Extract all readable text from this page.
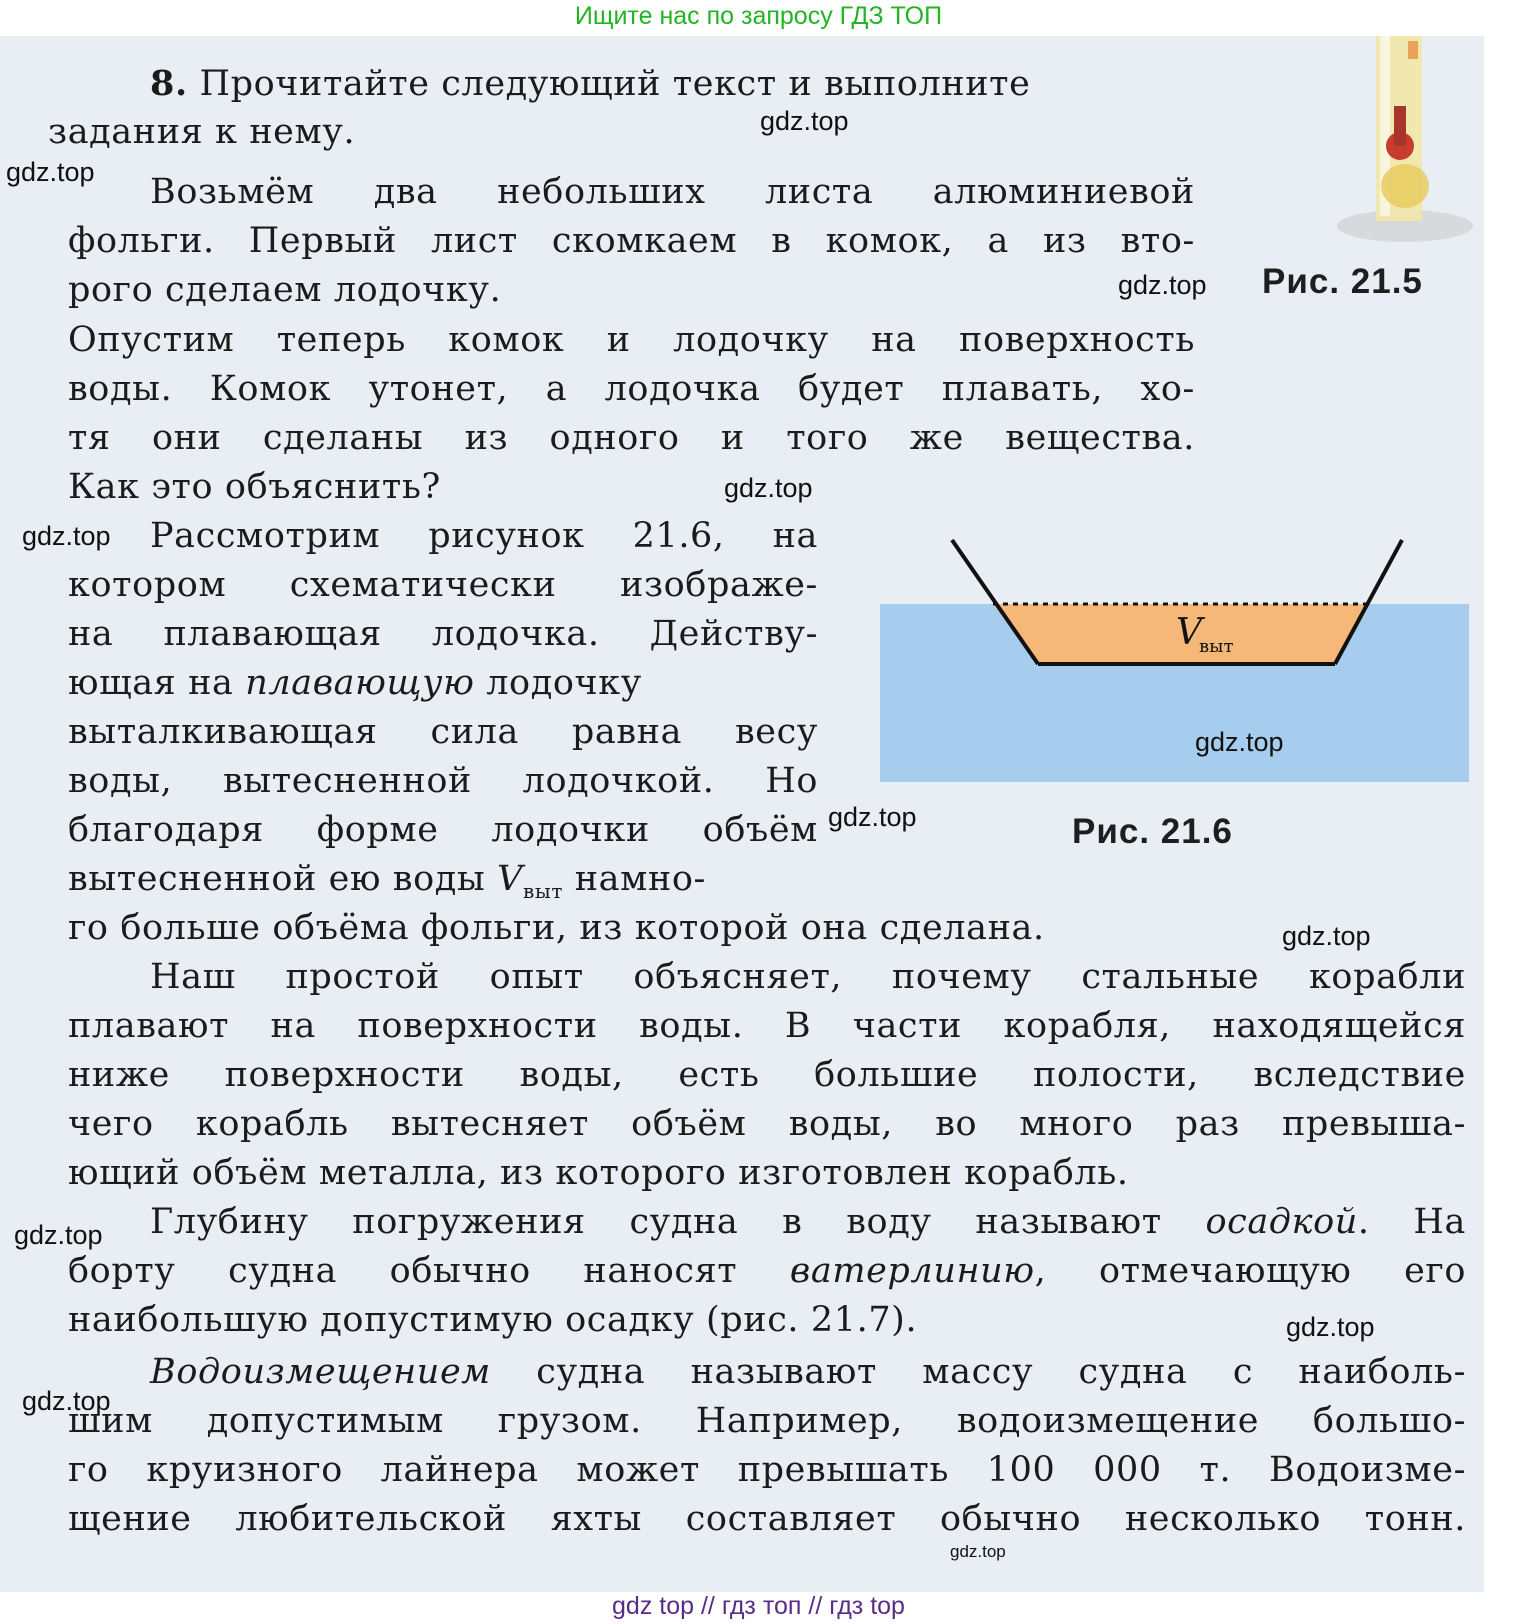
Ищите нас по запросу ГДЗ ТОП
Рис. 21.5
V
выт
Рис. 21.6
8. Прочитайте следующий текст и выполните
задания к нему.
Возьмём два небольших листа алюминиевой
фольги. Первый лист скомкаем в комок, а из вто-
рого сделаем лодочку.
Опустим теперь комок и лодочку на поверхность
воды. Комок утонет, а лодочка будет плавать, хо-
тя они сделаны из одного и того же вещества.
Как это объяснить?
Рассмотрим рисунок 21.6, на
котором схематически изображе-
на плавающая лодочка. Действу-
ющая на плавающую лодочку
выталкивающая сила равна весу
воды, вытесненной лодочкой. Но
благодаря форме лодочки объём
вытесненной ею воды $V_{выт}$ намно-
го больше объёма фольги, из которой она сделана.
Наш простой опыт объясняет, почему стальные корабли
плавают на поверхности воды. В части корабля, находящейся
ниже поверхности воды, есть большие полости, вследствие
чего корабль вытесняет объём воды, во много раз превыша-
ющий объём металла, из которого изготовлен корабль.
Глубину погружения судна в воду называют осадкой. На
борту судна обычно наносят ватерлинию, отмечающую его
наибольшую допустимую осадку (рис. 21.7).
Водоизмещением судна называют массу судна с наиболь-
шим допустимым грузом. Например, водоизмещение большо-
го круизного лайнера может превышать 100 000 т. Водоизме-
щение любительской яхты составляет обычно несколько тонн.
gdz.top
gdz.top
gdz.top
gdz.top
gdz.top
gdz.top
gdz.top
gdz.top
gdz.top
gdz.top
gdz.top
gdz.top
gdz top // гдз топ // гдз top
